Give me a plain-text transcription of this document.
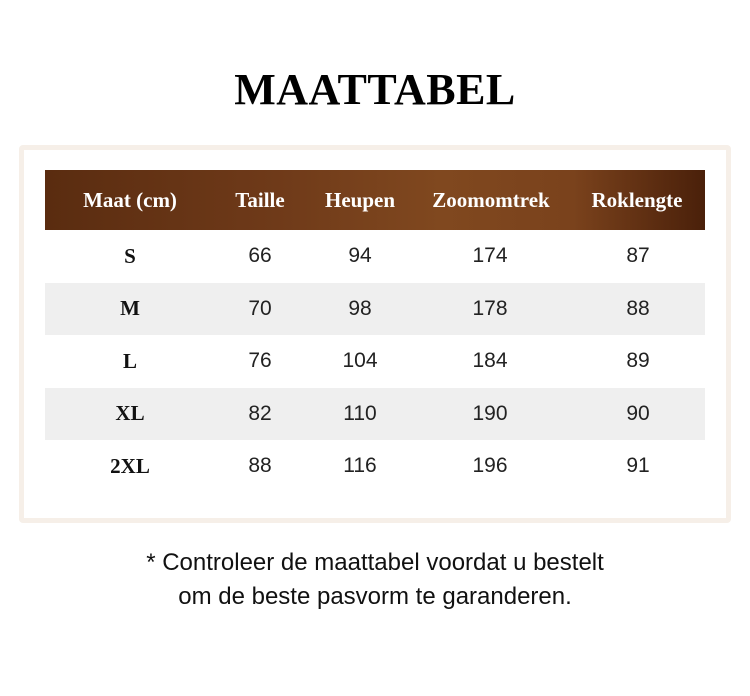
MAATTABEL
Maat (cm)	Taille	Heupen	Zoomomtrek	Roklengte
S	66	94	174	87
M	70	98	178	88
L	76	104	184	89
XL	82	110	190	90
2XL	88	116	196	91
* Controleer de maattabel voordat u bestelt
om de beste pasvorm te garanderen.
